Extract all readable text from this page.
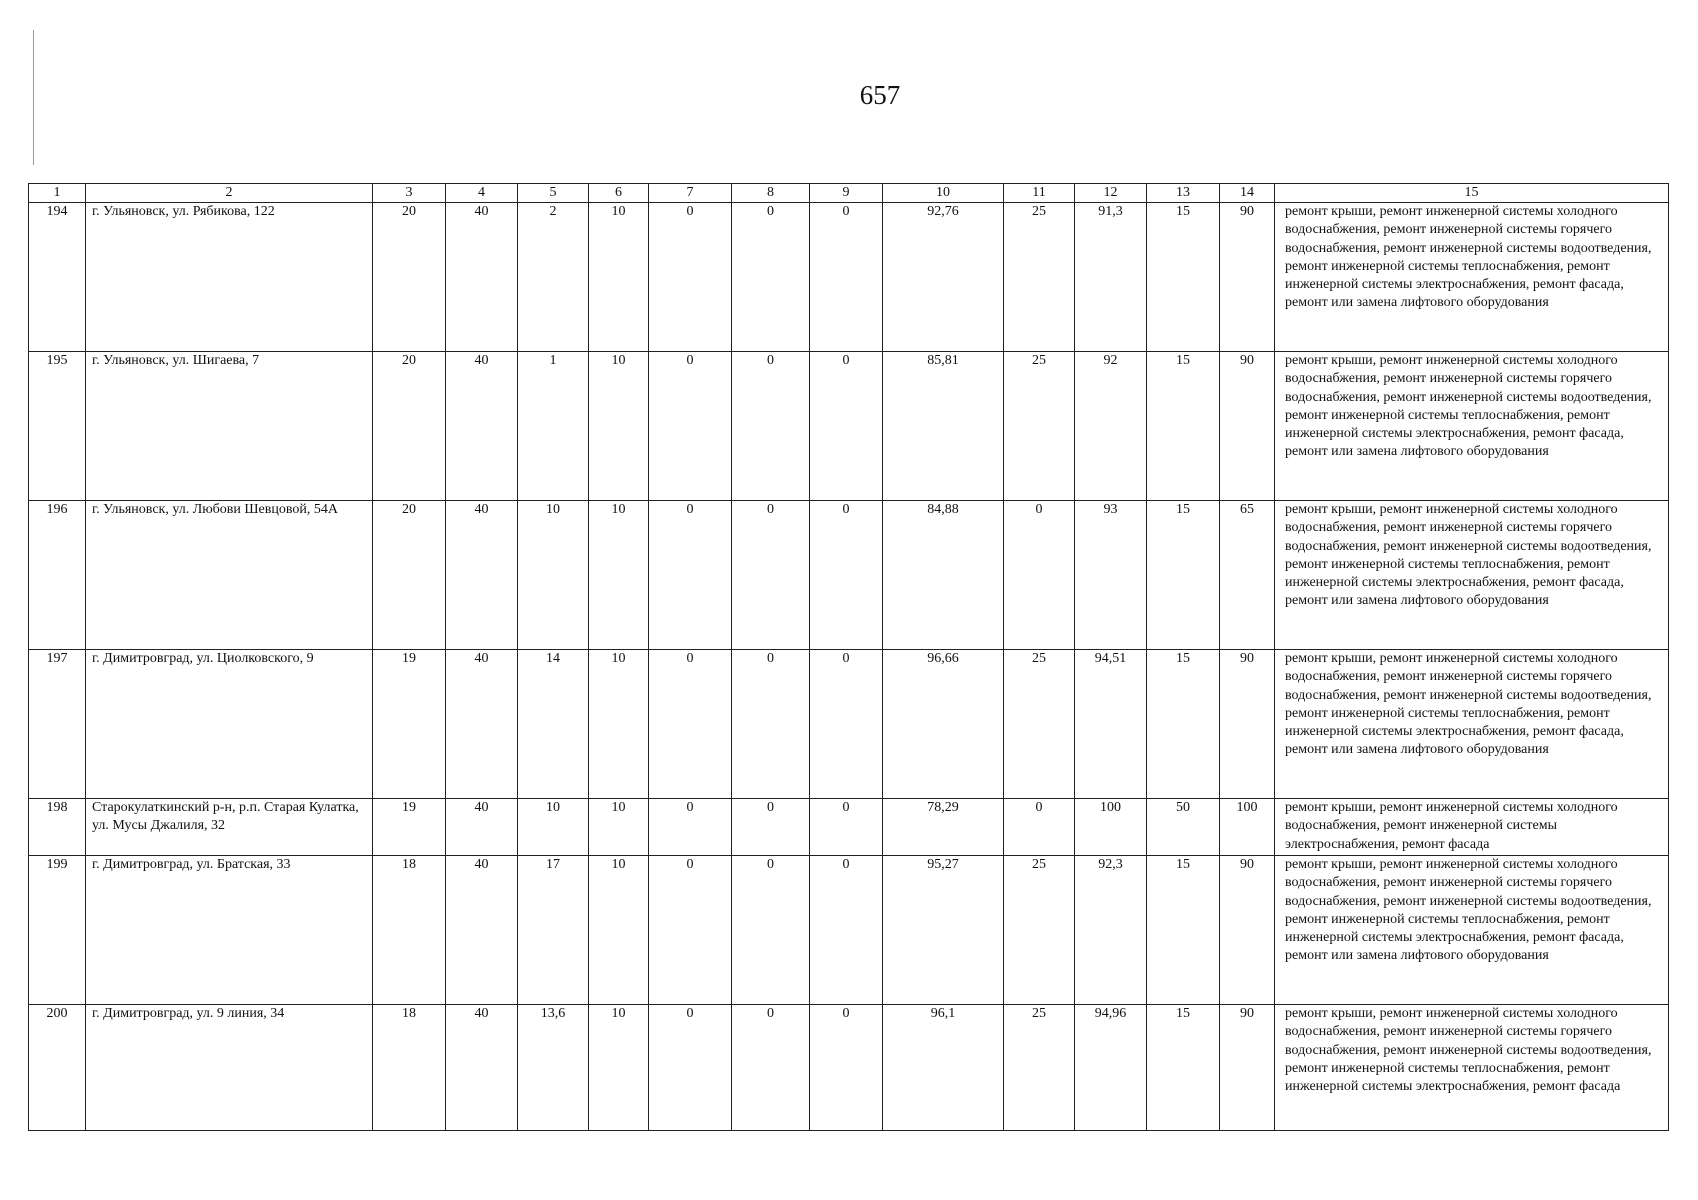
657
1	2	3	4	5	6	7	8	9	10	11	12	13	14	15
194	г. Ульяновск, ул. Рябикова, 122	20	40	2	10	0	0	0	92,76	25	91,3	15	90	ремонт крыши, ремонт инженерной системы холодного водоснабжения, ремонт инженерной системы горячего водоснабжения, ремонт инженерной системы водоотведения, ремонт инженерной системы теплоснабжения, ремонт инженерной системы электроснабжения, ремонт фасада, ремонт или замена лифтового оборудования
195	г. Ульяновск, ул. Шигаева, 7	20	40	1	10	0	0	0	85,81	25	92	15	90	ремонт крыши, ремонт инженерной системы холодного водоснабжения, ремонт инженерной системы горячего водоснабжения, ремонт инженерной системы водоотведения, ремонт инженерной системы теплоснабжения, ремонт инженерной системы электроснабжения, ремонт фасада, ремонт или замена лифтового оборудования
196	г. Ульяновск, ул. Любови Шевцовой, 54А	20	40	10	10	0	0	0	84,88	0	93	15	65	ремонт крыши, ремонт инженерной системы холодного водоснабжения, ремонт инженерной системы горячего водоснабжения, ремонт инженерной системы водоотведения, ремонт инженерной системы теплоснабжения, ремонт инженерной системы электроснабжения, ремонт фасада, ремонт или замена лифтового оборудования
197	г. Димитровград, ул. Циолковского, 9	19	40	14	10	0	0	0	96,66	25	94,51	15	90	ремонт крыши, ремонт инженерной системы холодного водоснабжения, ремонт инженерной системы горячего водоснабжения, ремонт инженерной системы водоотведения, ремонт инженерной системы теплоснабжения, ремонт инженерной системы электроснабжения, ремонт фасада, ремонт или замена лифтового оборудования
198	Старокулаткинский р-н, р.п. Старая Кулатка, ул. Мусы Джалиля, 32	19	40	10	10	0	0	0	78,29	0	100	50	100	ремонт крыши, ремонт инженерной системы холодного водоснабжения, ремонт инженерной системы электроснабжения, ремонт фасада
199	г. Димитровград, ул. Братская, 33	18	40	17	10	0	0	0	95,27	25	92,3	15	90	ремонт крыши, ремонт инженерной системы холодного водоснабжения, ремонт инженерной системы горячего водоснабжения, ремонт инженерной системы водоотведения, ремонт инженерной системы теплоснабжения, ремонт инженерной системы электроснабжения, ремонт фасада, ремонт или замена лифтового оборудования
200	г. Димитровград, ул. 9 линия, 34	18	40	13,6	10	0	0	0	96,1	25	94,96	15	90	ремонт крыши, ремонт инженерной системы холодного водоснабжения, ремонт инженерной системы горячего водоснабжения, ремонт инженерной системы водоотведения, ремонт инженерной системы теплоснабжения, ремонт инженерной системы электроснабжения, ремонт фасада
